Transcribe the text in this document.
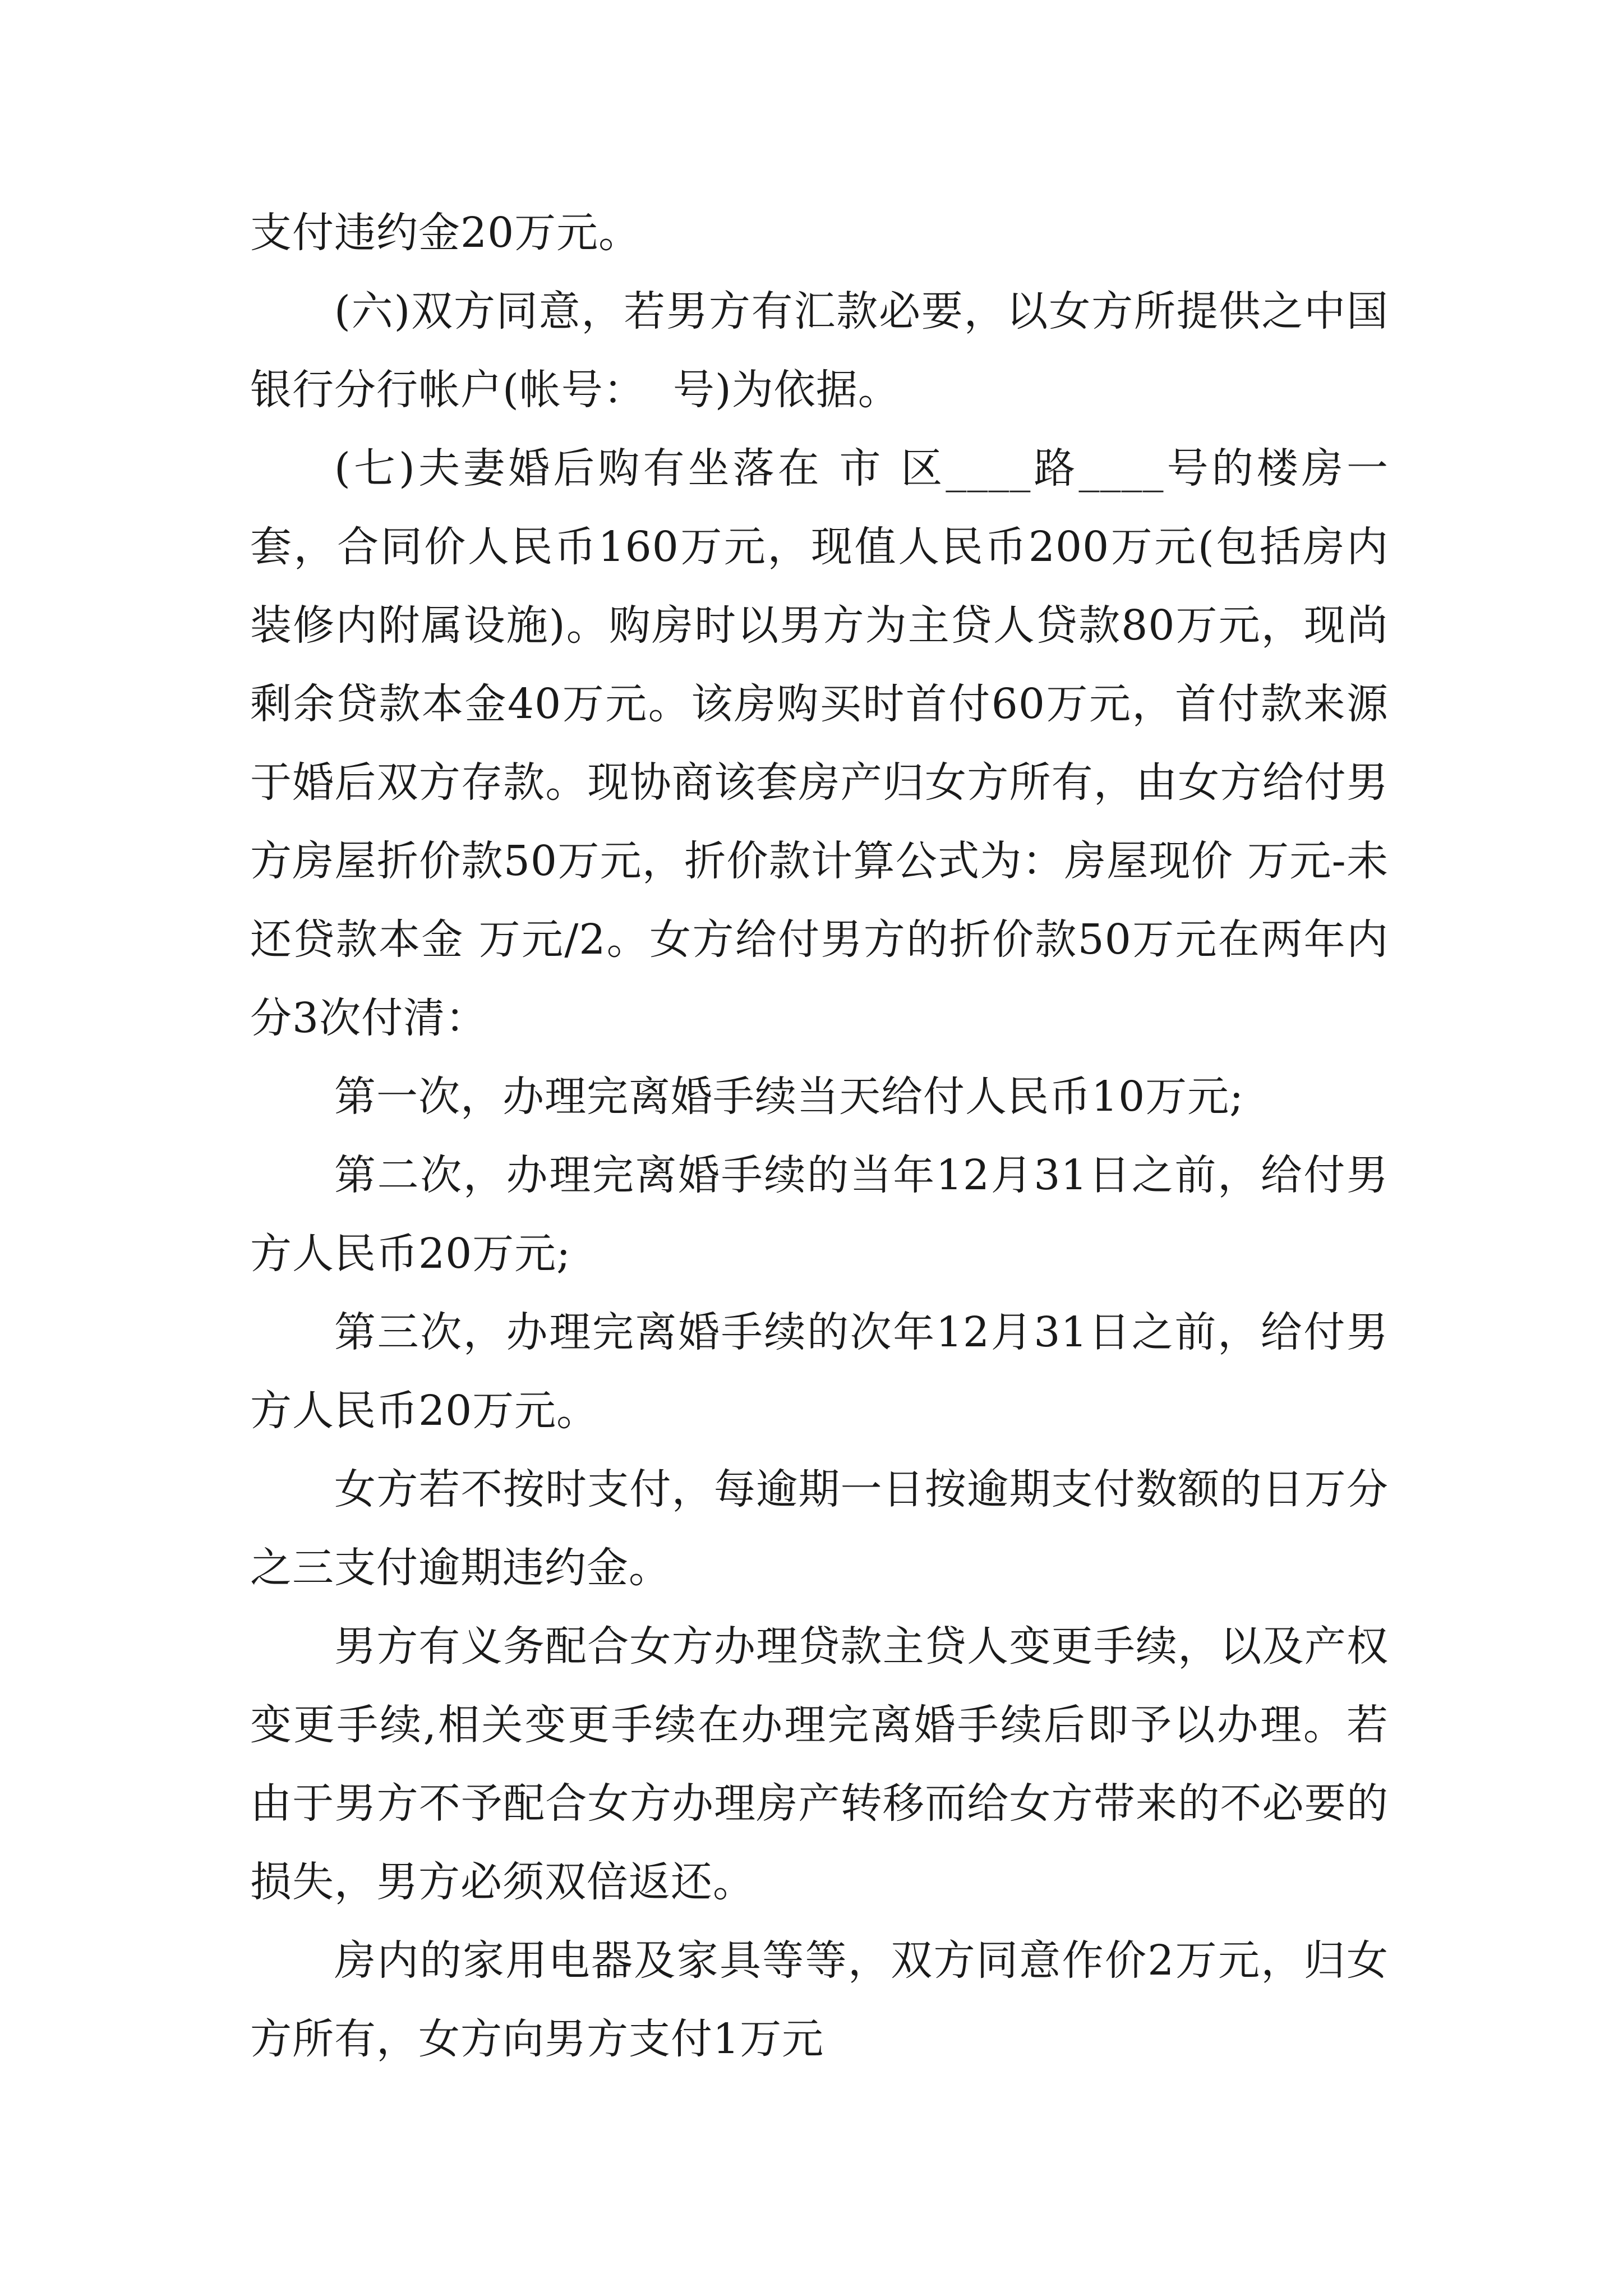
支付违约金20万元。

(六)双方同意，若男方有汇款必要，以女方所提供之中国银行分行帐户(帐号：  号)为依据。

(七)夫妻婚后购有坐落在 市 区____路____号的楼房一套，合同价人民币160万元，现值人民币200万元(包括房内装修内附属设施)。购房时以男方为主贷人贷款80万元，现尚剩余贷款本金40万元。该房购买时首付60万元，首付款来源于婚后双方存款。现协商该套房产归女方所有，由女方给付男方房屋折价款50万元，折价款计算公式为：房屋现价 万元-未还贷款本金 万元/2。女方给付男方的折价款50万元在两年内分3次付清：

第一次，办理完离婚手续当天给付人民币10万元;

第二次，办理完离婚手续的当年12月31日之前，给付男方人民币20万元;

第三次，办理完离婚手续的次年12月31日之前，给付男方人民币20万元。

女方若不按时支付，每逾期一日按逾期支付数额的日万分之三支付逾期违约金。

男方有义务配合女方办理贷款主贷人变更手续，以及产权变更手续,相关变更手续在办理完离婚手续后即予以办理。若由于男方不予配合女方办理房产转移而给女方带来的不必要的损失，男方必须双倍返还。

房内的家用电器及家具等等，双方同意作价2万元，归女方所有，女方向男方支付1万元
